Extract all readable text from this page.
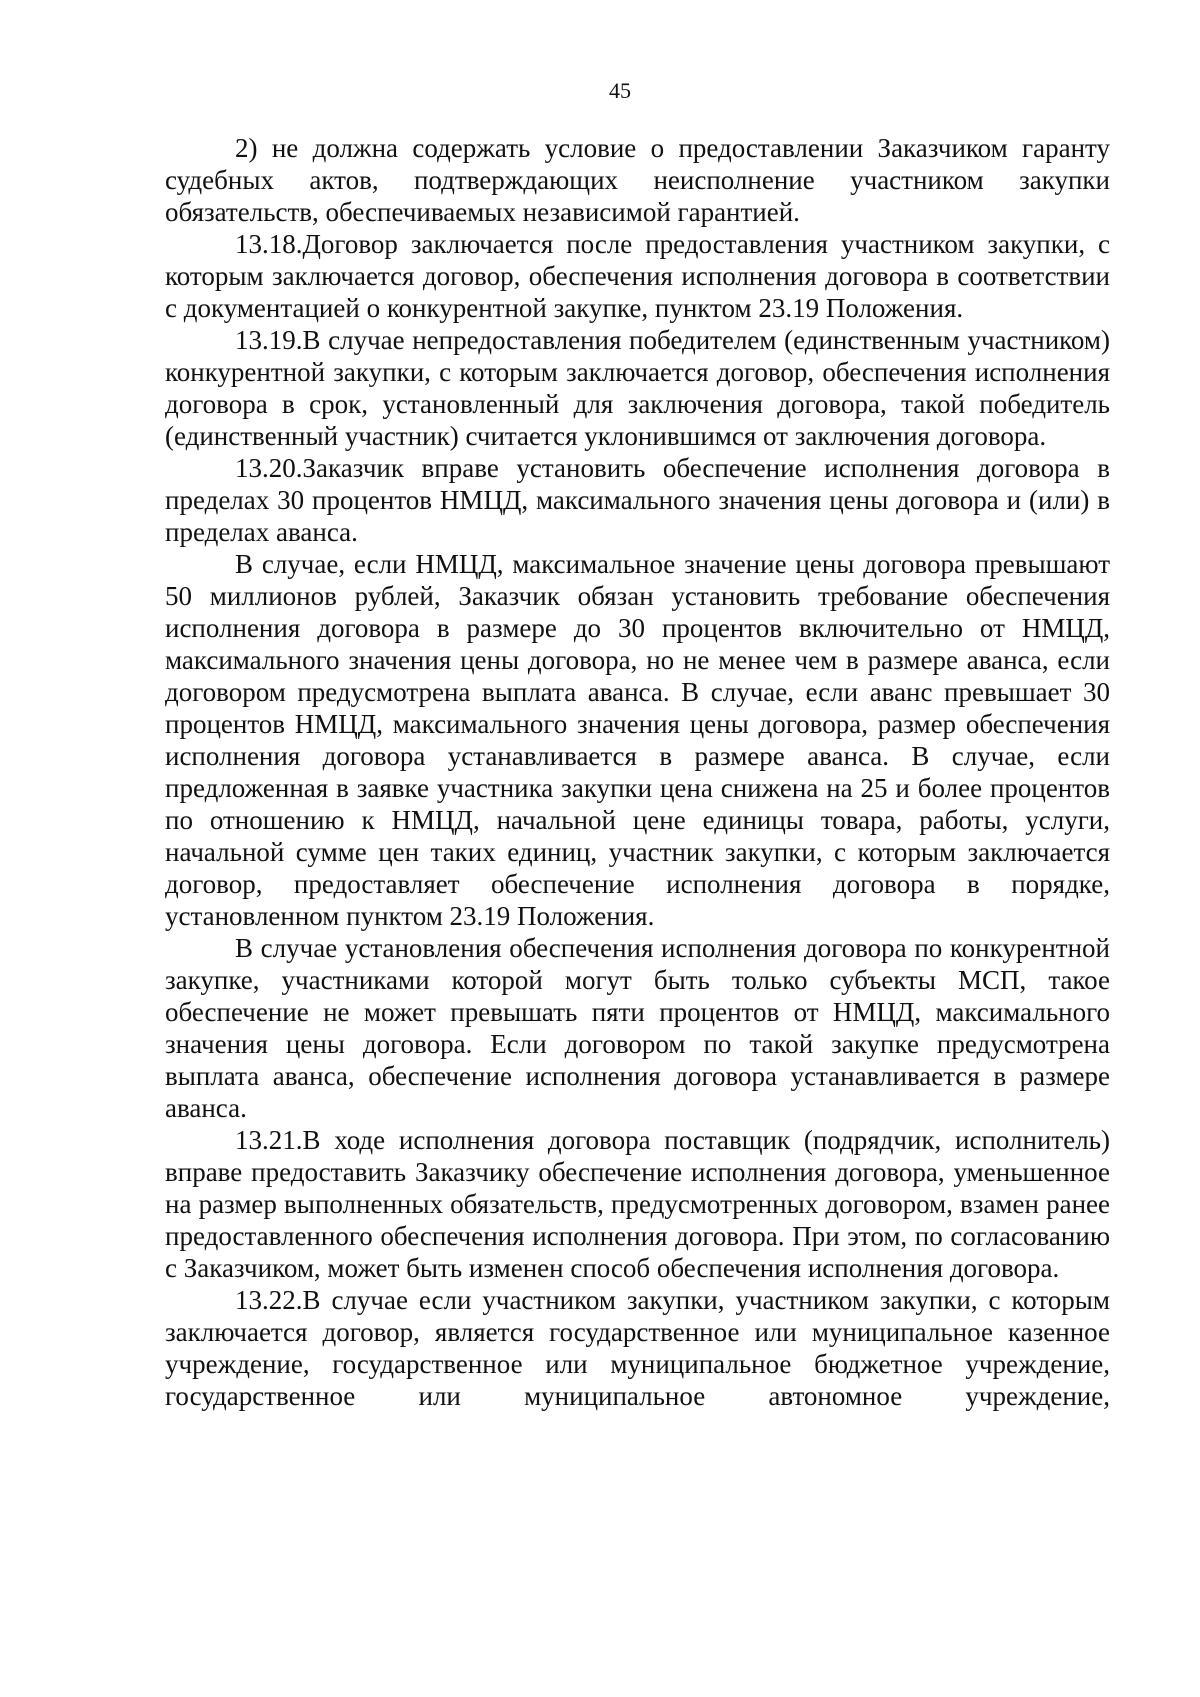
45

2) не должна содержать условие о предоставлении Заказчиком гаранту судебных актов, подтверждающих неисполнение участником закупки обязательств, обеспечиваемых независимой гарантией.

13.18.Договор заключается после предоставления участником закупки, с которым заключается договор, обеспечения исполнения договора в соответствии с документацией о конкурентной закупке, пунктом 23.19 Положения.

13.19.В случае непредоставления победителем (единственным участником) конкурентной закупки, с которым заключается договор, обеспечения исполнения договора в срок, установленный для заключения договора, такой победитель (единственный участник) считается уклонившимся от заключения договора.

13.20.Заказчик вправе установить обеспечение исполнения договора в пределах 30 процентов НМЦД, максимального значения цены договора и (или) в пределах аванса.

В случае, если НМЦД, максимальное значение цены договора превышают 50 миллионов рублей, Заказчик обязан установить требование обеспечения исполнения договора в размере до 30 процентов включительно от НМЦД, максимального значения цены договора, но не менее чем в размере аванса, если договором предусмотрена выплата аванса. В случае, если аванс превышает 30 процентов НМЦД, максимального значения цены договора, размер обеспечения исполнения договора устанавливается в размере аванса. В случае, если предложенная в заявке участника закупки цена снижена на 25 и более процентов по отношению к НМЦД, начальной цене единицы товара, работы, услуги, начальной сумме цен таких единиц, участник закупки, с которым заключается договор, предоставляет обеспечение исполнения договора в порядке, установленном пунктом 23.19 Положения.

В случае установления обеспечения исполнения договора по конкурентной закупке, участниками которой могут быть только субъекты МСП, такое обеспечение не может превышать пяти процентов от НМЦД, максимального значения цены договора. Если договором по такой закупке предусмотрена выплата аванса, обеспечение исполнения договора устанавливается в размере аванса.

13.21.В ходе исполнения договора поставщик (подрядчик, исполнитель) вправе предоставить Заказчику обеспечение исполнения договора, уменьшенное на размер выполненных обязательств, предусмотренных договором, взамен ранее предоставленного обеспечения исполнения договора. При этом, по согласованию с Заказчиком, может быть изменен способ обеспечения исполнения договора.

13.22.В случае если участником закупки, участником закупки, с которым заключается договор, является государственное или муниципальное казенное учреждение, государственное или муниципальное бюджетное учреждение, государственное или муниципальное автономное учреждение,
